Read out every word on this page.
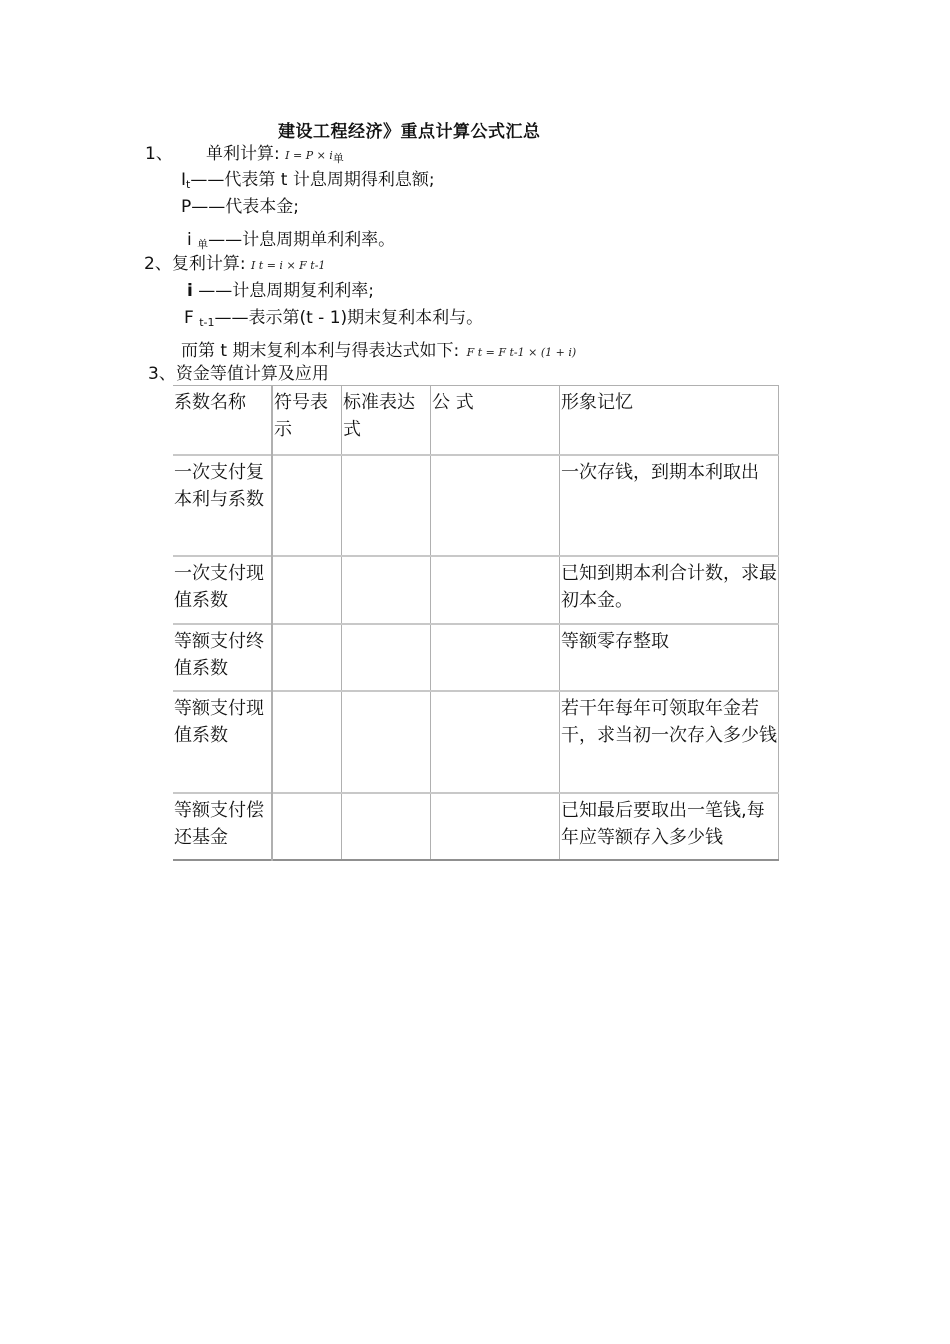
建设工程经济》重点计算公式汇总
1、 单利计算: $I = P \times i_单$
$I_t——$代表第 t 计息周期得利息额;
P——代表本金;
i $_单$——计息周期单利利率。
2、复利计算: I t = i × F t-1
i ——计息周期复利利率;
F $_{t-1}$——表示第(t - 1)期末复利本利与。
而第 t 期末复利本利与得表达式如下: F t = F t-1 × (1 + i)
3、资金等值计算及应用
系数名称	符号表示	标准表达式	公 式	形象记忆
一次支付复本利与系数				一次存钱，到期本利取出
一次支付现值系数				已知到期本利合计数，求最初本金。
等额支付终值系数				等额零存整取
等额支付现值系数				若干年每年可领取年金若干，求当初一次存入多少钱
等额支付偿还基金				已知最后要取出一笔钱,每年应等额存入多少钱
